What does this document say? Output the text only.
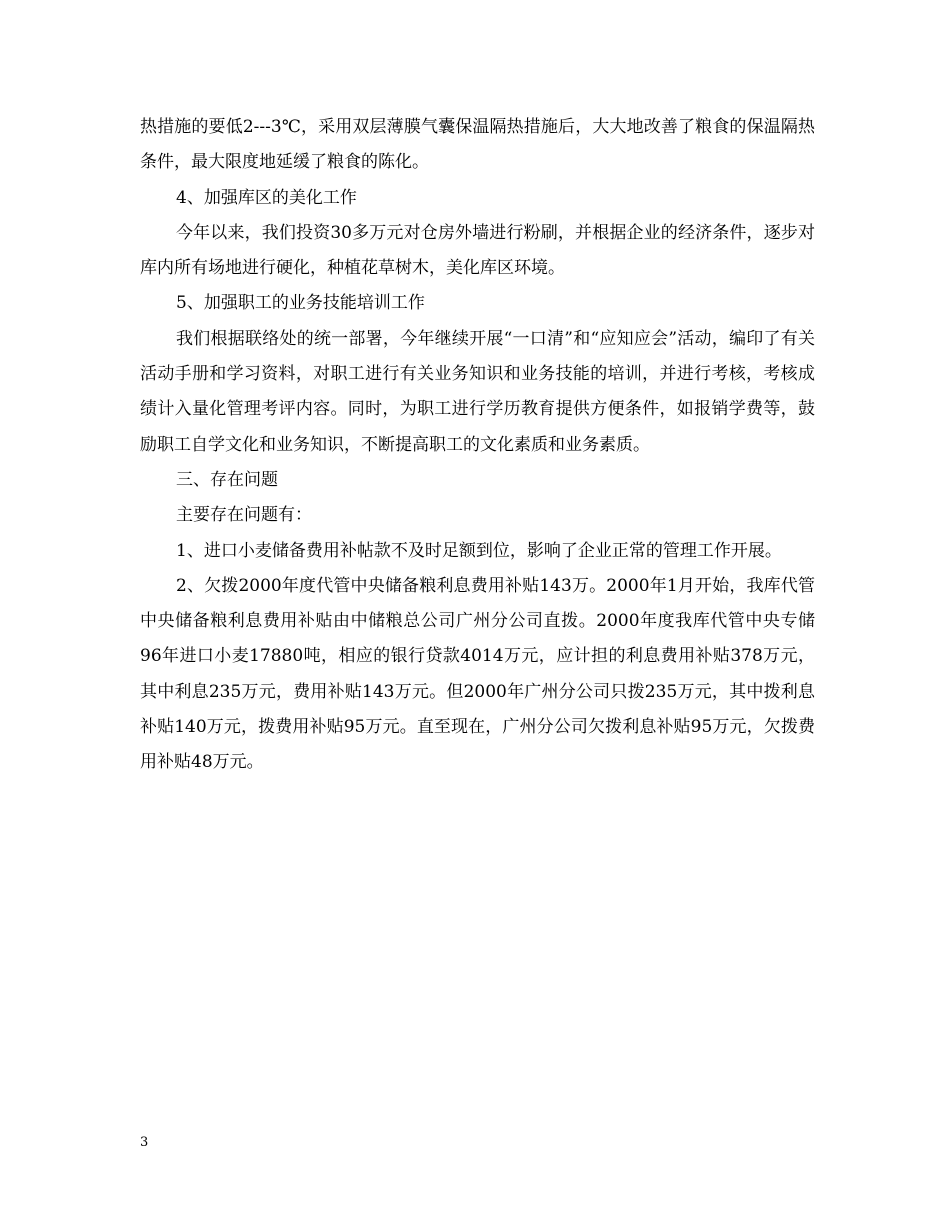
热措施的要低2---3℃，采用双层薄膜气囊保温隔热措施后，大大地改善了粮食的保温隔热条件，最大限度地延缓了粮食的陈化。

4、加强库区的美化工作

今年以来，我们投资30多万元对仓房外墙进行粉刷，并根据企业的经济条件，逐步对库内所有场地进行硬化，种植花草树木，美化库区环境。

5、加强职工的业务技能培训工作

我们根据联络处的统一部署，今年继续开展“一口清”和“应知应会”活动，编印了有关活动手册和学习资料，对职工进行有关业务知识和业务技能的培训，并进行考核，考核成绩计入量化管理考评内容。同时，为职工进行学历教育提供方便条件，如报销学费等，鼓励职工自学文化和业务知识，不断提高职工的文化素质和业务素质。

三、存在问题

主要存在问题有：

1、进口小麦储备费用补帖款不及时足额到位，影响了企业正常的管理工作开展。

2、欠拨2000年度代管中央储备粮利息费用补贴143万。2000年1月开始，我库代管中央储备粮利息费用补贴由中储粮总公司广州分公司直拨。2000年度我库代管中央专储96年进口小麦17880吨，相应的银行贷款4014万元，应计担的利息费用补贴378万元，其中利息235万元，费用补贴143万元。但2000年广州分公司只拨235万元，其中拨利息补贴140万元，拨费用补贴95万元。直至现在，广州分公司欠拨利息补贴95万元，欠拨费用补贴48万元。

3
